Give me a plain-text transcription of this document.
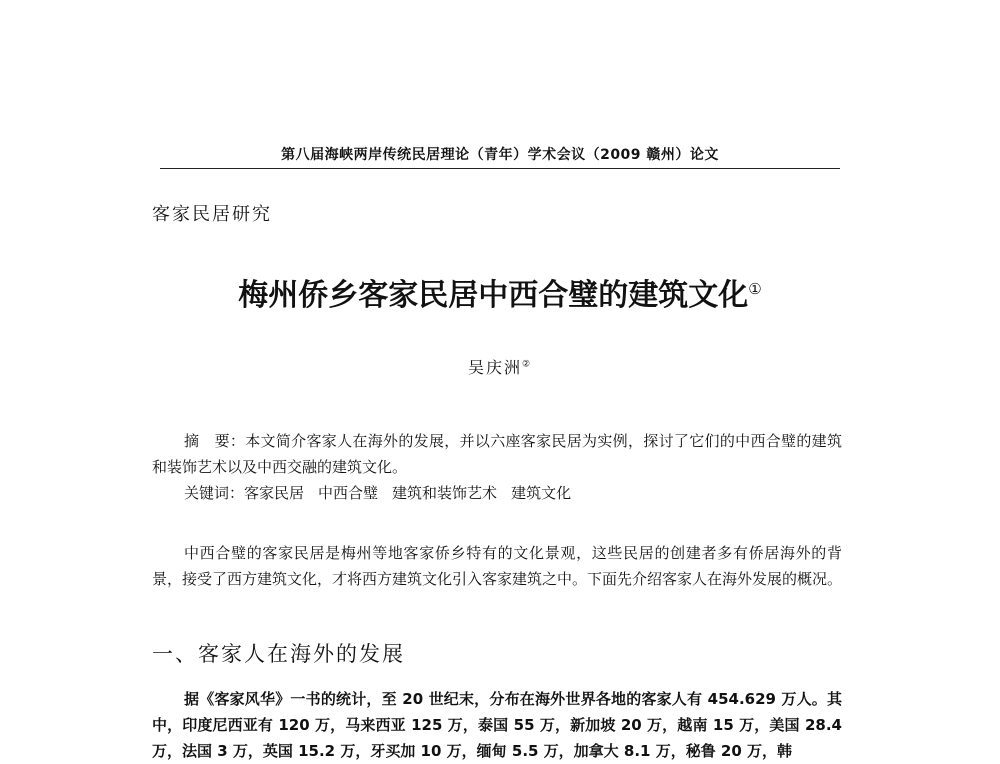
第八届海峡两岸传统民居理论（青年）学术会议（2009 赣州）论文
客家民居研究
梅州侨乡客家民居中西合璧的建筑文化①
吴庆洲②
摘　要：本文简介客家人在海外的发展，并以六座客家民居为实例，探讨了它们的中西合璧的建筑和装饰艺术以及中西交融的建筑文化。
关键词：客家民居 中西合璧 建筑和装饰艺术 建筑文化
中西合璧的客家民居是梅州等地客家侨乡特有的文化景观，这些民居的创建者多有侨居海外的背景，接受了西方建筑文化，才将西方建筑文化引入客家建筑之中。下面先介绍客家人在海外发展的概况。
一、客家人在海外的发展
据《客家风华》一书的统计，至 20 世纪末，分布在海外世界各地的客家人有 454.629 万人。其中，印度尼西亚有 120 万，马来西亚 125 万，泰国 55 万，新加坡 20 万，越南 15 万，美国 28.4 万，法国 3 万，英国 15.2 万，牙买加 10 万，缅甸 5.5 万，加拿大 8.1 万，秘鲁 20 万，韩
